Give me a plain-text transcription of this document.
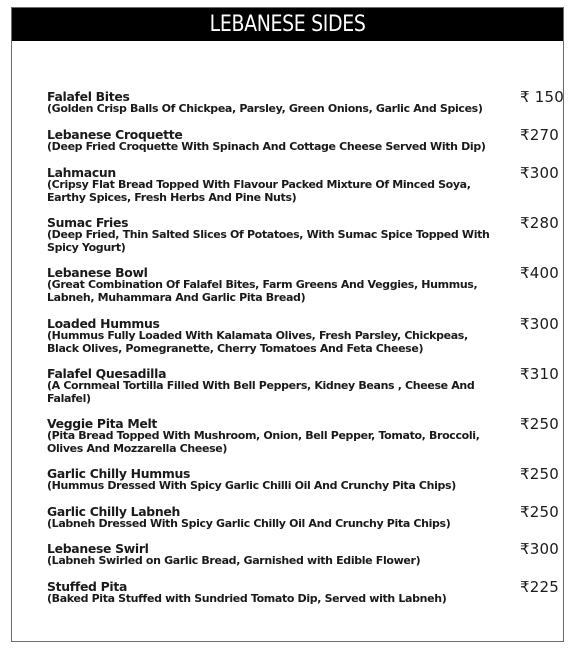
LEBANESE SIDES
Falafel Bites
(Golden Crisp Balls Of Chickpea, Parsley, Green Onions, Garlic And Spices)
₹ 150
Lebanese Croquette
(Deep Fried Croquette With Spinach And Cottage Cheese Served With Dip)
₹270
Lahmacun
(Cripsy Flat Bread Topped With Flavour Packed Mixture Of Minced Soya, Earthy Spices, Fresh Herbs And Pine Nuts)
₹300
Sumac Fries
(Deep Fried, Thin Salted Slices Of Potatoes, With Sumac Spice Topped With Spicy Yogurt)
₹280
Lebanese Bowl
(Great Combination Of Falafel Bites, Farm Greens And Veggies, Hummus, Labneh, Muhammara And Garlic Pita Bread)
₹400
Loaded Hummus
(Hummus Fully Loaded With Kalamata Olives, Fresh Parsley, Chickpeas, Black Olives, Pomegranette, Cherry Tomatoes And Feta Cheese)
₹300
Falafel Quesadilla
(A Cornmeal Tortilla Filled With Bell Peppers, Kidney Beans , Cheese And Falafel)
₹310
Veggie Pita Melt
(Pita Bread Topped With Mushroom, Onion, Bell Pepper, Tomato, Broccoli, Olives And Mozzarella Cheese)
₹250
Garlic Chilly Hummus
(Hummus Dressed With Spicy Garlic Chilli Oil And Crunchy Pita Chips)
₹250
Garlic Chilly Labneh
(Labneh Dressed With Spicy Garlic Chilly Oil And Crunchy Pita Chips)
₹250
Lebanese Swirl
(Labneh Swirled on Garlic Bread, Garnished with Edible Flower)
₹300
Stuffed Pita
(Baked Pita Stuffed with Sundried Tomato Dip, Served with Labneh)
₹225
